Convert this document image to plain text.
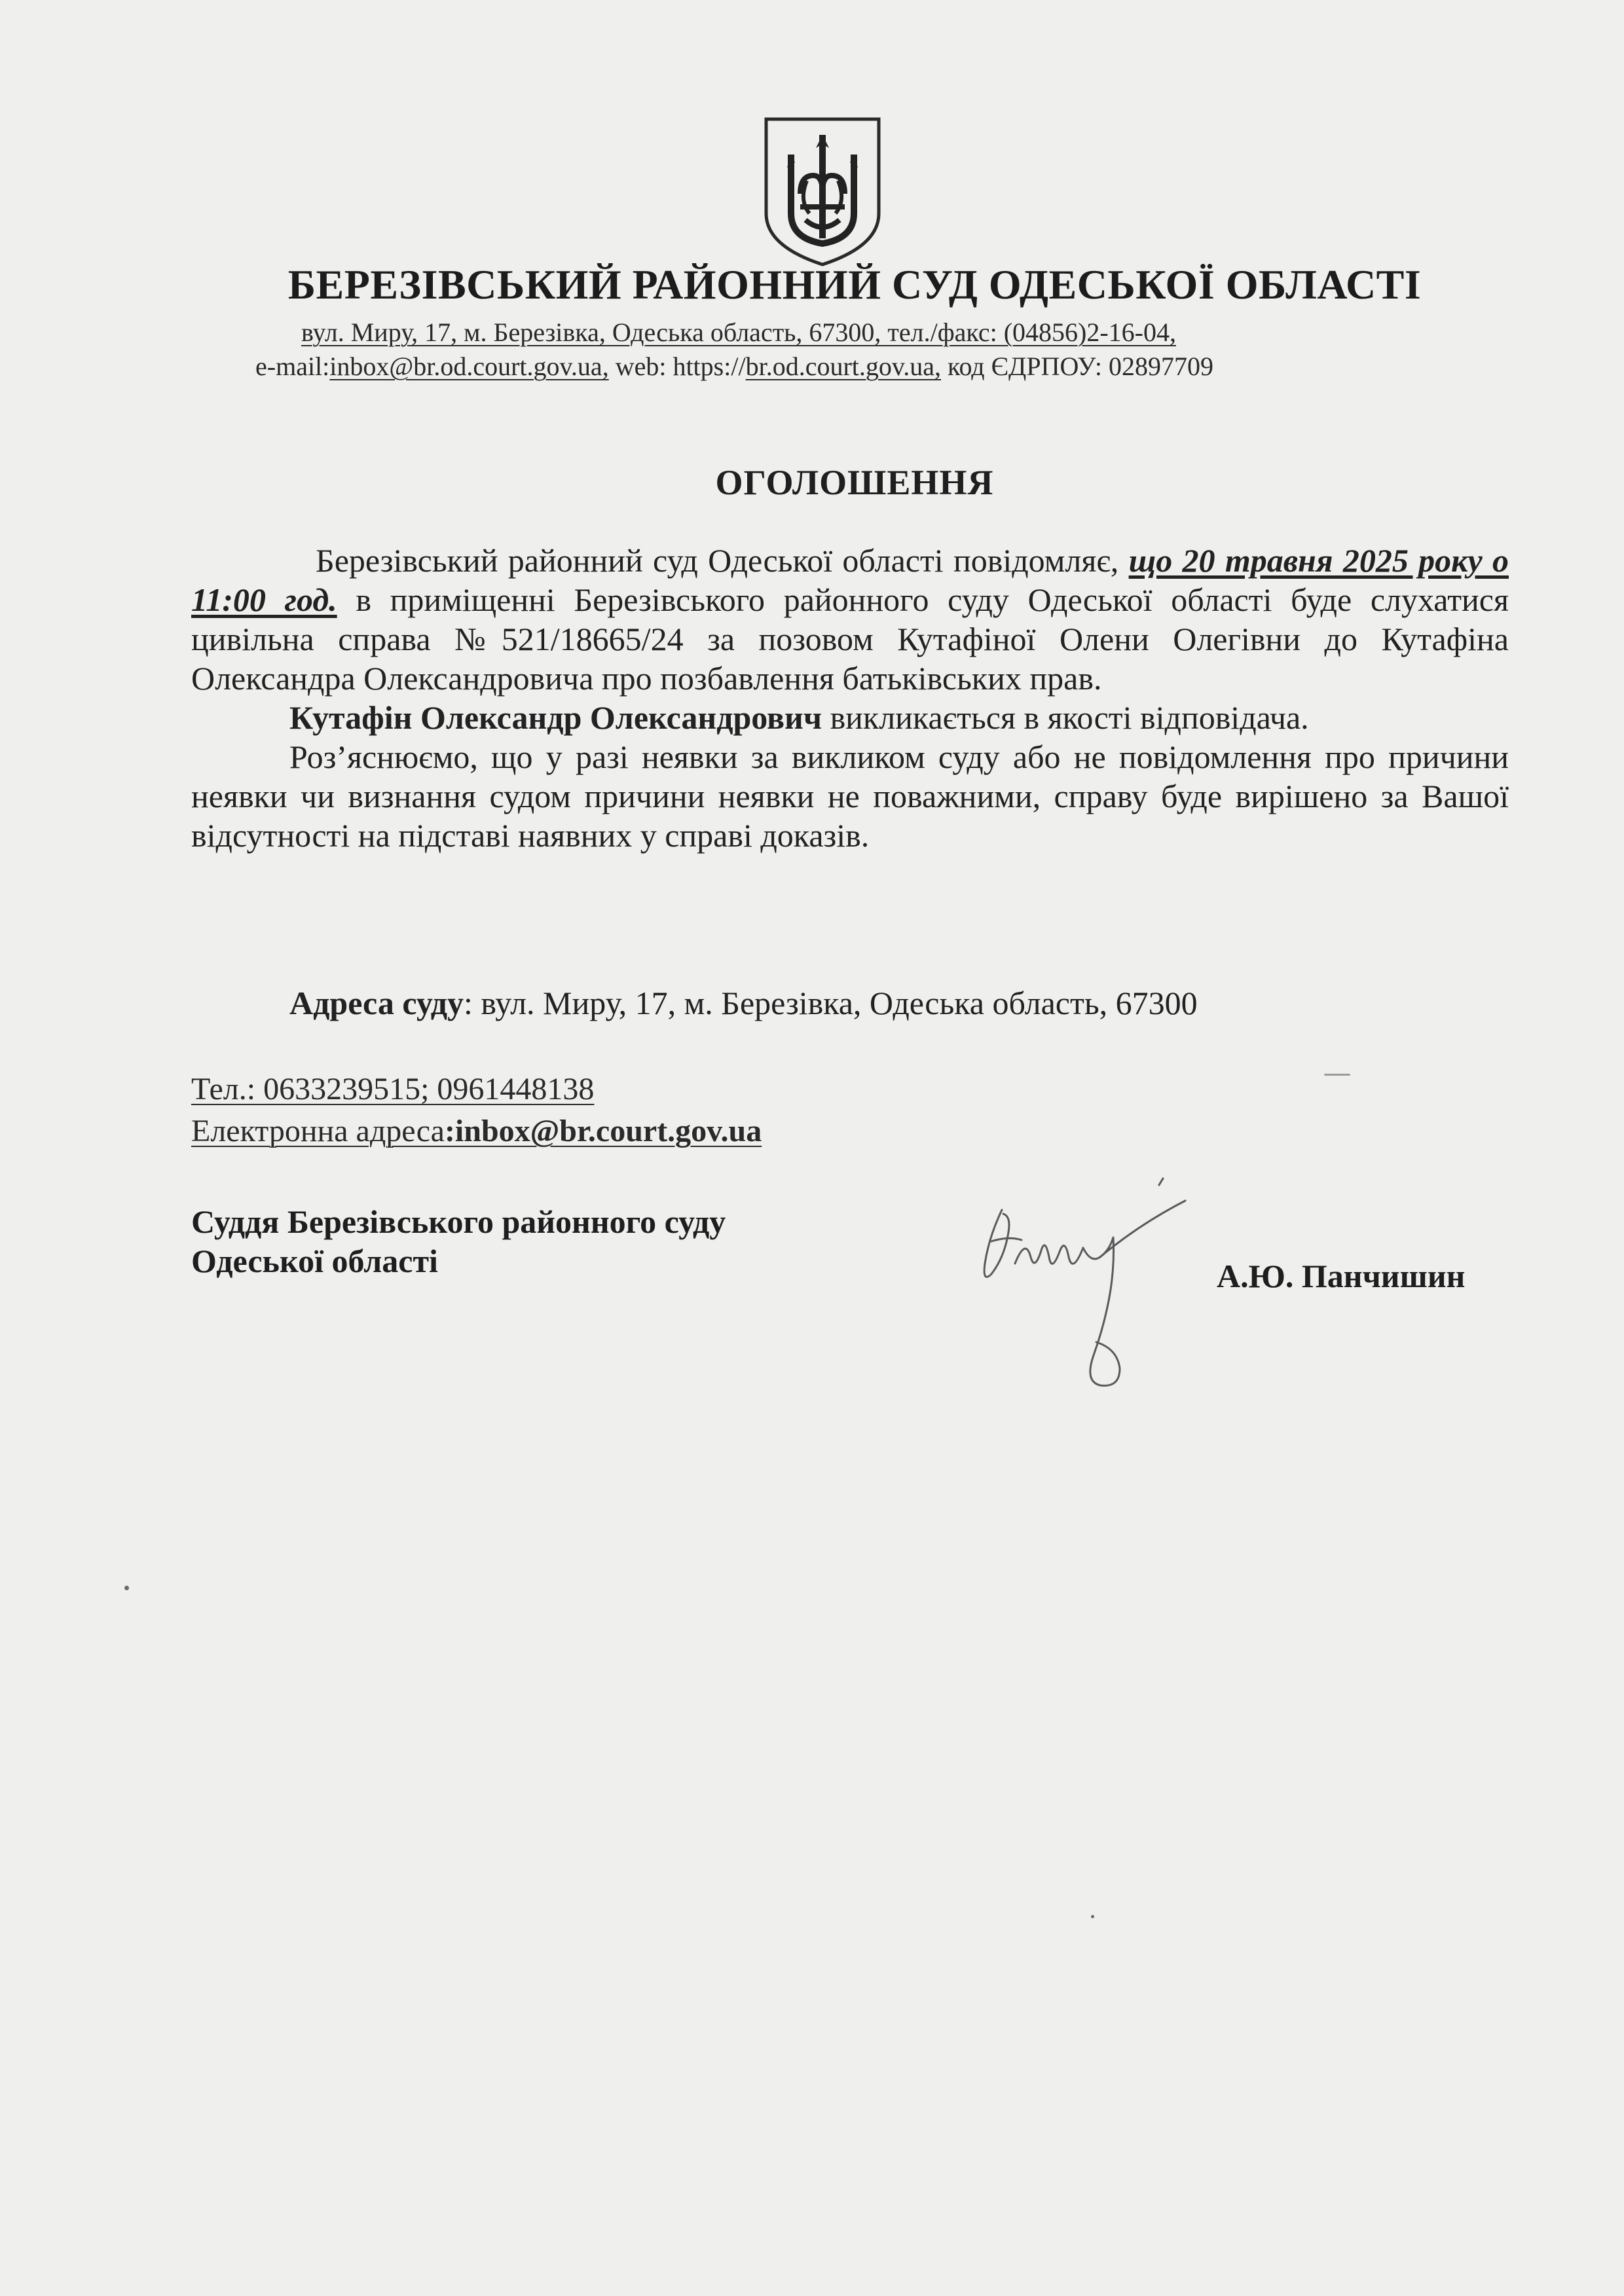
БЕРЕЗІВСЬКИЙ РАЙОННИЙ СУД ОДЕСЬКОЇ ОБЛАСТІ
вул. Миру, 17, м. Березівка, Одеська область, 67300, тел./факс: (04856)2-16-04,
e-mail:inbox@br.od.court.gov.ua, web: https://br.od.court.gov.ua, код ЄДРПОУ: 02897709
ОГОЛОШЕННЯ

Березівський районний суд Одеської області повідомляє, що 20 травня 2025 року о 11:00 год. в приміщенні Березівського районного суду Одеської області буде слухатися цивільна справа №521/18665/24 за позовом Кутафіної Олени Олегівни до Кутафіна Олександра Олександровича про позбавлення батьківських прав.

Кутафін Олександр Олександрович викликається в якості відповідача.

Роз’яснюємо, що у разі неявки за викликом суду або не повідомлення про причини неявки чи визнання судом причини неявки не поважними, справу буде вирішено за Вашої відсутності на підставі наявних у справі доказів.

Адреса суду: вул. Миру, 17, м. Березівка, Одеська область, 67300
Тел.: 0633239515; 0961448138
Електронна адреса:inbox@br.court.gov.ua
Суддя Березівського районного суду
Одеської області	А.Ю. Панчишин
